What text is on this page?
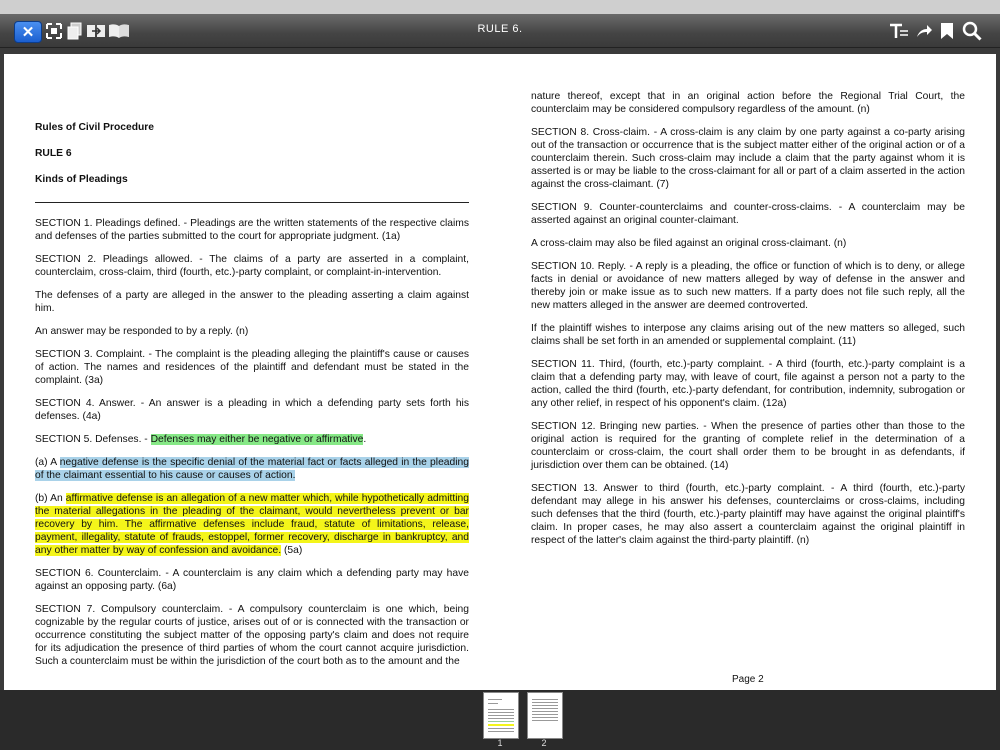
✕	RULE 6.
Rules of Civil Procedure
RULE 6
Kinds of Pleadings

SECTION 1. Pleadings defined. - Pleadings are the written statements of the respective claims and defenses of the parties submitted to the court for appropriate judgment. (1a)

SECTION 2. Pleadings allowed. - The claims of a party are asserted in a complaint, counterclaim, cross-claim, third (fourth, etc.)-party complaint, or complaint-in-intervention.

The defenses of a party are alleged in the answer to the pleading asserting a claim against him.

An answer may be responded to by a reply. (n)

SECTION 3. Complaint. - The complaint is the pleading alleging the plaintiff's cause or causes of action. The names and residences of the plaintiff and defendant must be stated in the complaint. (3a)

SECTION 4. Answer. - An answer is a pleading in which a defending party sets forth his defenses. (4a)

SECTION 5. Defenses. - Defenses may either be negative or affirmative.

(a) A negative defense is the specific denial of the material fact or facts alleged in the pleading of the claimant essential to his cause or causes of action.

(b) An affirmative defense is an allegation of a new matter which, while hypothetically admitting the material allegations in the pleading of the claimant, would nevertheless prevent or bar recovery by him. The affirmative defenses include fraud, statute of limitations, release, payment, illegality, statute of frauds, estoppel, former recovery, discharge in bankruptcy, and any other matter by way of confession and avoidance. (5a)

SECTION 6. Counterclaim. - A counterclaim is any claim which a defending party may have against an opposing party. (6a)

SECTION 7. Compulsory counterclaim. - A compulsory counterclaim is one which, being cognizable by the regular courts of justice, arises out of or is connected with the transaction or occurrence constituting the subject matter of the opposing party's claim and does not require for its adjudication the presence of third parties of whom the court cannot acquire jurisdiction. Such a counterclaim must be within the jurisdiction of the court both as to the amount and the

nature thereof, except that in an original action before the Regional Trial Court, the counterclaim may be considered compulsory regardless of the amount. (n)

SECTION 8. Cross-claim. - A cross-claim is any claim by one party against a co-party arising out of the transaction or occurrence that is the subject matter either of the original action or of a counterclaim therein. Such cross-claim may include a claim that the party against whom it is asserted is or may be liable to the cross-claimant for all or part of a claim asserted in the action against the cross-claimant. (7)

SECTION 9. Counter-counterclaims and counter-cross-claims. - A counterclaim may be asserted against an original counter-claimant.

A cross-claim may also be filed against an original cross-claimant. (n)

SECTION 10. Reply. - A reply is a pleading, the office or function of which is to deny, or allege facts in denial or avoidance of new matters alleged by way of defense in the answer and thereby join or make issue as to such new matters. If a party does not file such reply, all the new matters alleged in the answer are deemed controverted.

If the plaintiff wishes to interpose any claims arising out of the new matters so alleged, such claims shall be set forth in an amended or supplemental complaint. (11)

SECTION 11. Third, (fourth, etc.)-party complaint. - A third (fourth, etc.)-party complaint is a claim that a defending party may, with leave of court, file against a person not a party to the action, called the third (fourth, etc.)-party defendant, for contribution, indemnity, subrogation or any other relief, in respect of his opponent's claim. (12a)

SECTION 12. Bringing new parties. - When the presence of parties other than those to the original action is required for the granting of complete relief in the determination of a counterclaim or cross-claim, the court shall order them to be brought in as defendants, if jurisdiction over them can be obtained. (14)

SECTION 13. Answer to third (fourth, etc.)-party complaint. - A third (fourth, etc.)-party defendant may allege in his answer his defenses, counterclaims or cross-claims, including such defenses that the third (fourth, etc.)-party plaintiff may have against the original plaintiff's claim. In proper cases, he may also assert a counterclaim against the original plaintiff in respect of the latter's claim against the third-party plaintiff. (n)

Page 2
1	2
